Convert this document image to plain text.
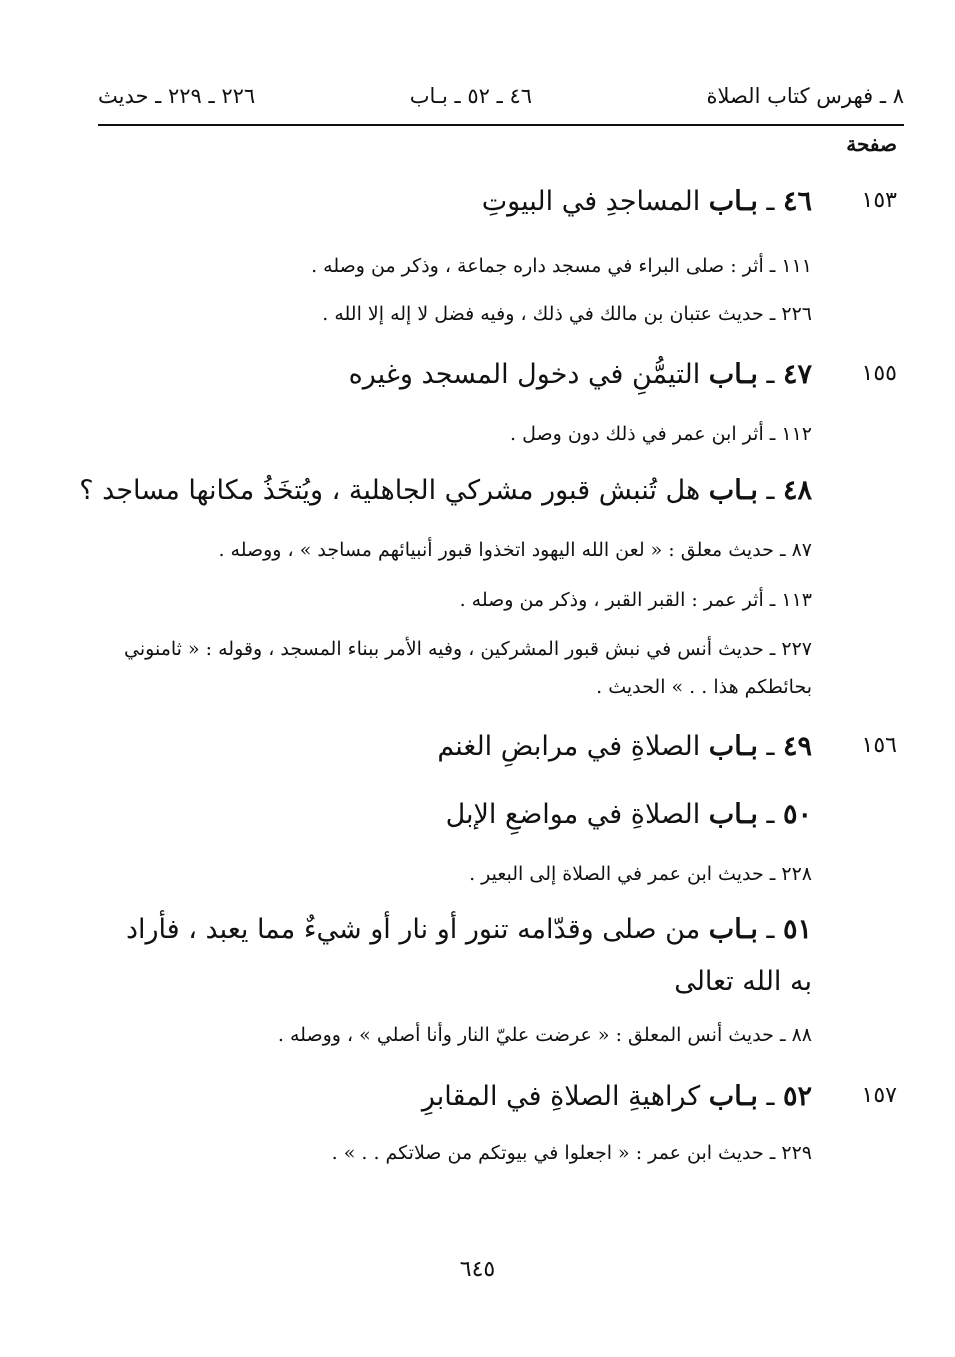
٨ ـ فهرس كتاب الصلاة
٤٦ ـ ٥٢ ـ بـاب
٢٢٦ ـ ٢٢٩ ـ حديث
صفحة
١٥٣
٤٦ ـ بـاب المساجدِ في البيوتِ
١١١ ـ أثر : صلى البراء في مسجد داره جماعة ، وذكر من وصله .
٢٢٦ ـ حديث عتبان بن مالك في ذلك ، وفيه فضل لا إله إلا الله .
١٥٥
٤٧ ـ بـاب التيمُّنِ في دخول المسجد وغيره
١١٢ ـ أثر ابن عمر في ذلك دون وصل .
٤٨ ـ بـاب هل تُنبش قبور مشركي الجاهلية ، ويُتخَذُ مكانها مساجد ؟
٨٧ ـ حديث معلق : « لعن الله اليهود اتخذوا قبور أنبيائهم مساجد » ، ووصله .
١١٣ ـ أثر عمر : القبر القبر ، وذكر من وصله .
٢٢٧ ـ حديث أنس في نبش قبور المشركين ، وفيه الأمر ببناء المسجد ، وقوله : « ثامنوني بحائطكم هذا . . » الحديث .
١٥٦
٤٩ ـ بـاب الصلاةِ في مرابضِ الغنم
٥٠ ـ بـاب الصلاةِ في مواضعِ الإبل
٢٢٨ ـ حديث ابن عمر في الصلاة إلى البعير .
٥١ ـ بـاب من صلى وقدّامه تنور أو نار أو شيءٌ مما يعبد ، فأراد به الله تعالى
٨٨ ـ حديث أنس المعلق : « عرضت عليّ النار وأنا أصلي » ، ووصله .
١٥٧
٥٢ ـ بـاب كراهيةِ الصلاةِ في المقابرِ
٢٢٩ ـ حديث ابن عمر : « اجعلوا في بيوتكم من صلاتكم . . » .
٦٤٥
